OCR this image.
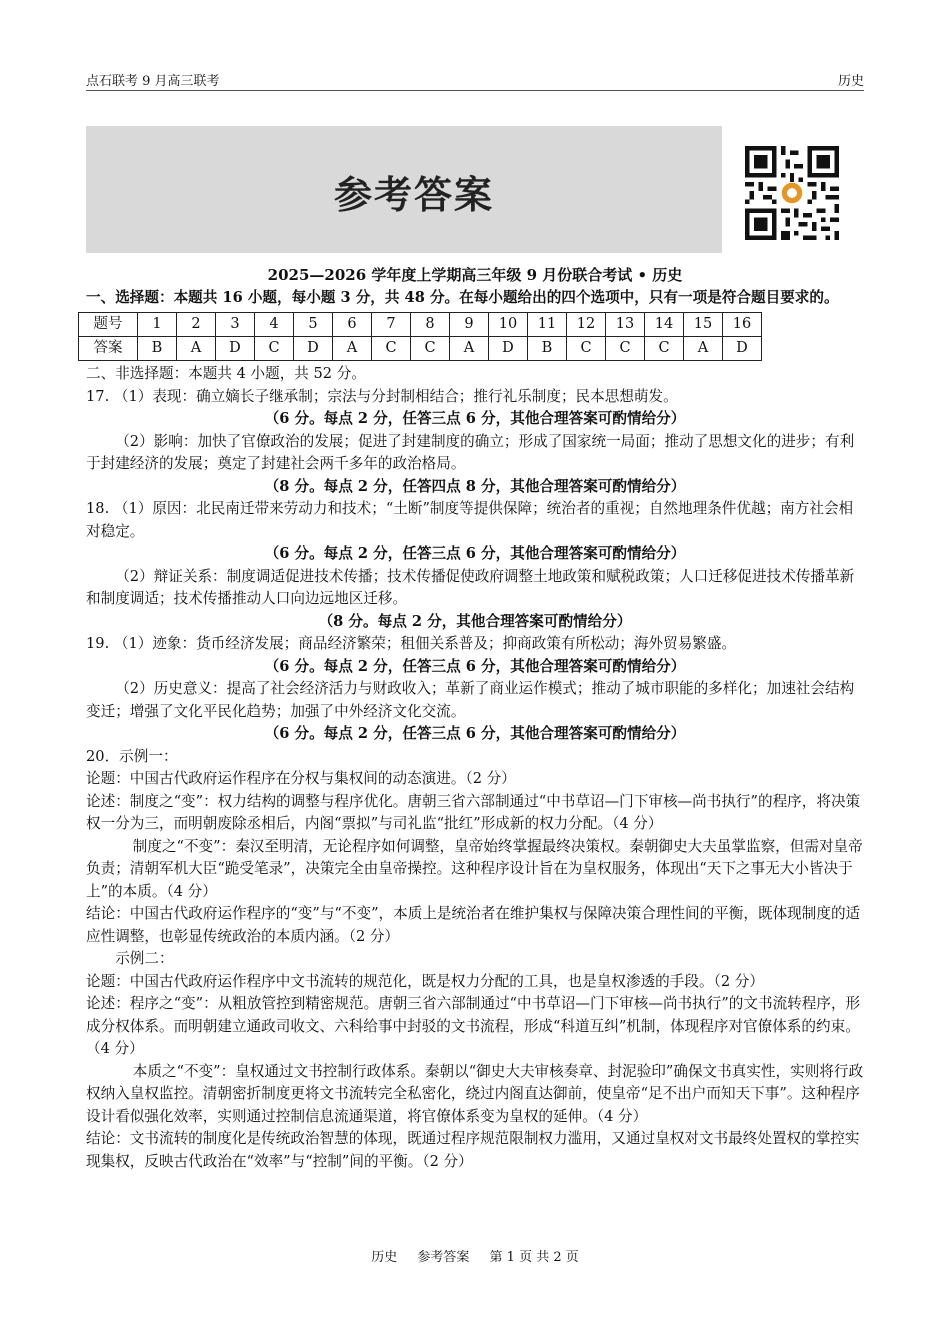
点石联考 9 月高三联考	历史
参考答案

2025—2026 学年度上学期高三年级 9 月份联合考试 • 历史

一、选择题：本题共 16 小题，每小题 3 分，共 48 分。在每小题给出的四个选项中，只有一项是符合题目要求的。

题号	1	2	3	4	5	6	7	8	9	10	11	12	13	14	15	16
答案	B	A	D	C	D	A	C	C	A	D	B	C	C	C	A	D

二、非选择题：本题共 4 小题，共 52 分。

17. （1）表现：确立嫡长子继承制；宗法与分封制相结合；推行礼乐制度；民本思想萌发。

（6 分。每点 2 分，任答三点 6 分，其他合理答案可酌情给分）

（2）影响：加快了官僚政治的发展；促进了封建制度的确立；形成了国家统一局面；推动了思想文化的进步；有利于封建经济的发展；奠定了封建社会两千多年的政治格局。

（8 分。每点 2 分，任答四点 8 分，其他合理答案可酌情给分）

18. （1）原因：北民南迁带来劳动力和技术；“土断”制度等提供保障；统治者的重视；自然地理条件优越；南方社会相对稳定。

（6 分。每点 2 分，任答三点 6 分，其他合理答案可酌情给分）

（2）辩证关系：制度调适促进技术传播；技术传播促使政府调整土地政策和赋税政策；人口迁移促进技术传播革新和制度调适；技术传播推动人口向边远地区迁移。

（8 分。每点 2 分，其他合理答案可酌情给分）

19. （1）迹象：货币经济发展；商品经济繁荣；租佃关系普及；抑商政策有所松动；海外贸易繁盛。

（6 分。每点 2 分，任答三点 6 分，其他合理答案可酌情给分）

（2）历史意义：提高了社会经济活力与财政收入；革新了商业运作模式；推动了城市职能的多样化；加速社会结构变迁；增强了文化平民化趋势；加强了中外经济文化交流。

（6 分。每点 2 分，任答三点 6 分，其他合理答案可酌情给分）

20．示例一：

论题：中国古代政府运作程序在分权与集权间的动态演进。（2 分）

论述：制度之“变”：权力结构的调整与程序优化。唐朝三省六部制通过“中书草诏—门下审核—尚书执行”的程序，将决策权一分为三，而明朝废除丞相后，内阁“票拟”与司礼监“批红”形成新的权力分配。（4 分）

制度之“不变”：秦汉至明清，无论程序如何调整，皇帝始终掌握最终决策权。秦朝御史大夫虽掌监察，但需对皇帝负责；清朝军机大臣“跪受笔录”，决策完全由皇帝操控。这种程序设计旨在为皇权服务，体现出“天下之事无大小皆决于上”的本质。（4 分）

结论：中国古代政府运作程序的“变”与“不变”，本质上是统治者在维护集权与保障决策合理性间的平衡，既体现制度的适应性调整，也彰显传统政治的本质内涵。（2 分）

示例二：

论题：中国古代政府运作程序中文书流转的规范化，既是权力分配的工具，也是皇权渗透的手段。（2 分）

论述：程序之“变”：从粗放管控到精密规范。唐朝三省六部制通过“中书草诏—门下审核—尚书执行”的文书流转程序，形成分权体系。而明朝建立通政司收文、六科给事中封驳的文书流程，形成“科道互纠”机制，体现程序对官僚体系的约束。（4 分）

本质之“不变”：皇权通过文书控制行政体系。秦朝以“御史大夫审核奏章、封泥验印”确保文书真实性，实则将行政权纳入皇权监控。清朝密折制度更将文书流转完全私密化，绕过内阁直达御前，使皇帝“足不出户而知天下事”。这种程序设计看似强化效率，实则通过控制信息流通渠道，将官僚体系变为皇权的延伸。（4 分）

结论：文书流转的制度化是传统政治智慧的体现，既通过程序规范限制权力滥用，又通过皇权对文书最终处置权的掌控实现集权，反映古代政治在“效率”与“控制”间的平衡。（2 分）

历史 参考答案 第 1 页 共 2 页
